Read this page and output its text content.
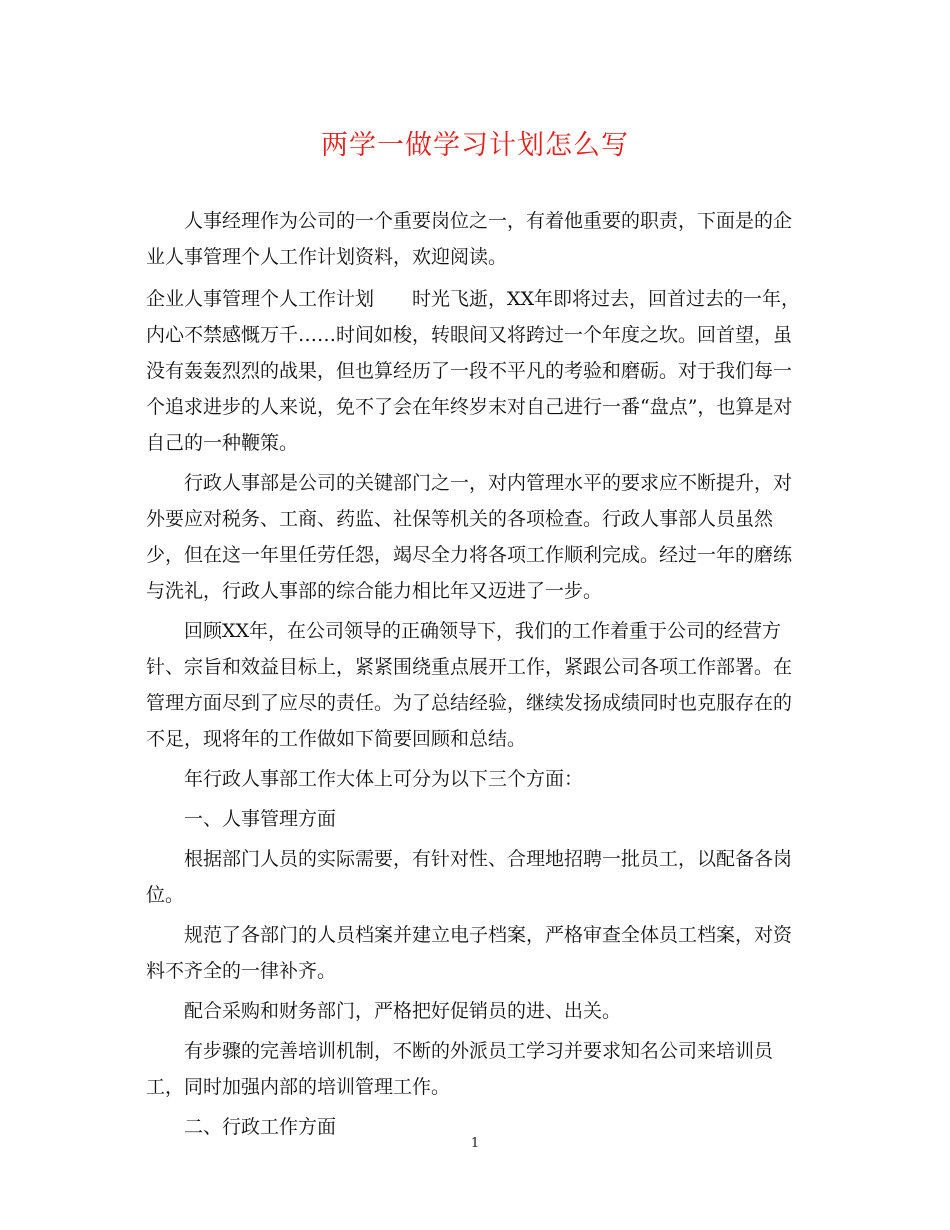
两学一做学习计划怎么写

人事经理作为公司的一个重要岗位之一，有着他重要的职责，下面是的企业人事管理个人工作计划资料，欢迎阅读。

企业人事管理个人工作计划　　时光飞逝，XX年即将过去，回首过去的一年，内心不禁感慨万千……时间如梭，转眼间又将跨过一个年度之坎。回首望，虽没有轰轰烈烈的战果，但也算经历了一段不平凡的考验和磨砺。对于我们每一个追求进步的人来说，免不了会在年终岁末对自己进行一番“盘点”，也算是对自己的一种鞭策。

行政人事部是公司的关键部门之一，对内管理水平的要求应不断提升，对外要应对税务、工商、药监、社保等机关的各项检查。行政人事部人员虽然少，但在这一年里任劳任怨，竭尽全力将各项工作顺利完成。经过一年的磨练与洗礼，行政人事部的综合能力相比年又迈进了一步。

回顾XX年，在公司领导的正确领导下，我们的工作着重于公司的经营方针、宗旨和效益目标上，紧紧围绕重点展开工作，紧跟公司各项工作部署。在管理方面尽到了应尽的责任。为了总结经验，继续发扬成绩同时也克服存在的不足，现将年的工作做如下简要回顾和总结。

年行政人事部工作大体上可分为以下三个方面：

一、人事管理方面

根据部门人员的实际需要，有针对性、合理地招聘一批员工，以配备各岗位。

规范了各部门的人员档案并建立电子档案，严格审查全体员工档案，对资料不齐全的一律补齐。

配合采购和财务部门，严格把好促销员的进、出关。

有步骤的完善培训机制，不断的外派员工学习并要求知名公司来培训员工，同时加强内部的培训管理工作。

二、行政工作方面

1
